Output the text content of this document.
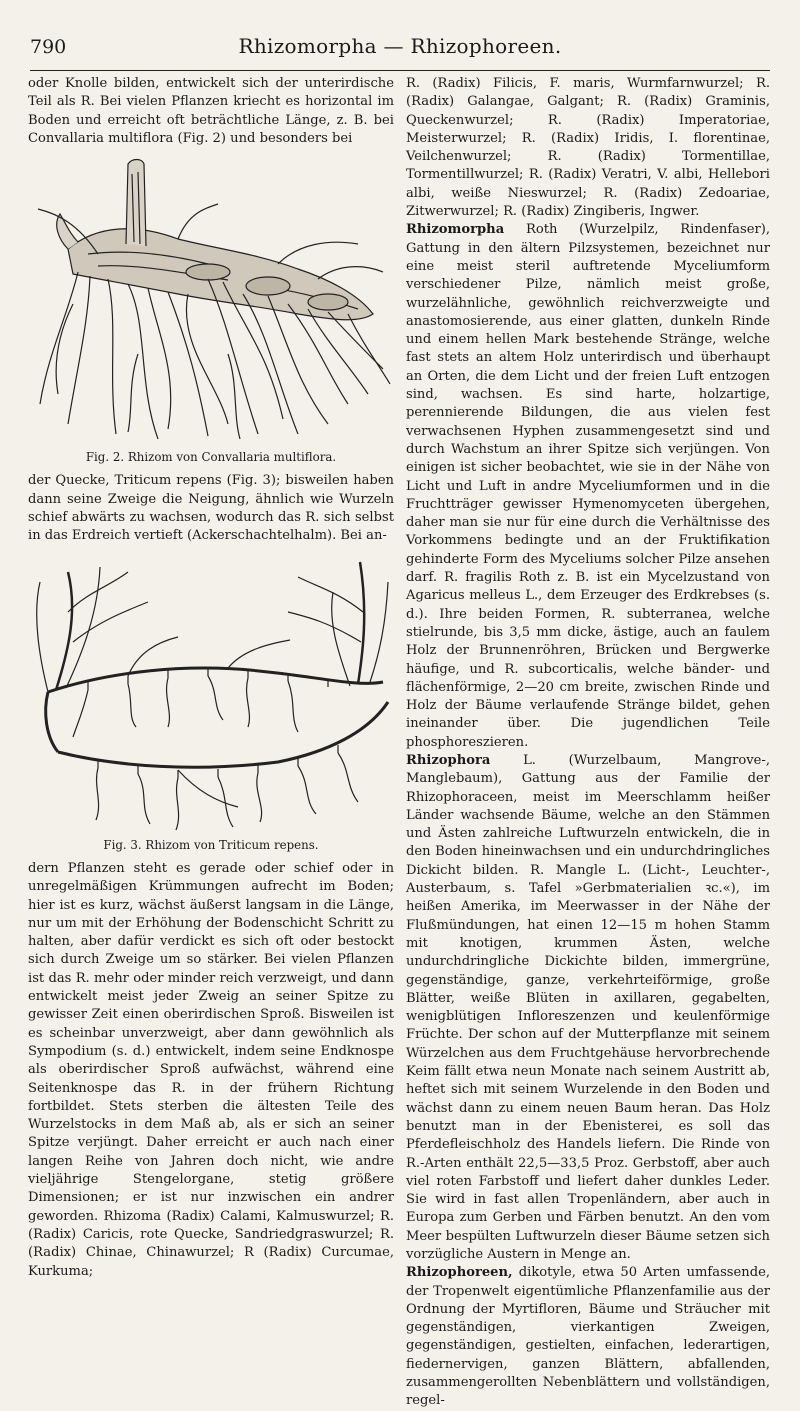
790	Rhizomorpha — Rhizophoreen.

oder Knolle bilden, entwickelt sich der unterirdische Teil als R. Bei vielen Pflanzen kriecht es horizontal im Boden und erreicht oft beträchtliche Länge, z. B. bei Convallaria multiflora (Fig. 2) und besonders bei

Fig. 2. Rhizom von Convallaria multiflora.

der Quecke, Triticum repens (Fig. 3); bisweilen haben dann seine Zweige die Neigung, ähnlich wie Wurzeln schief abwärts zu wachsen, wodurch das R. sich selbst in das Erdreich vertieft (Ackerschachtelhalm). Bei an-

Fig. 3. Rhizom von Triticum repens.

dern Pflanzen steht es gerade oder schief oder in unregelmäßigen Krümmungen aufrecht im Boden; hier ist es kurz, wächst äußerst langsam in die Länge, nur um mit der Erhöhung der Bodenschicht Schritt zu halten, aber dafür verdickt es sich oft oder bestockt sich durch Zweige um so stärker. Bei vielen Pflanzen ist das R. mehr oder minder reich verzweigt, und dann entwickelt meist jeder Zweig an seiner Spitze zu gewisser Zeit einen oberirdischen Sproß. Bisweilen ist es scheinbar unverzweigt, aber dann gewöhnlich als Sympodium (s. d.) entwickelt, indem seine Endknospe als oberirdischer Sproß aufwächst, während eine Seitenknospe das R. in der frühern Richtung fortbildet. Stets sterben die ältesten Teile des Wurzelstocks in dem Maß ab, als er sich an seiner Spitze verjüngt. Daher erreicht er auch nach einer langen Reihe von Jahren doch nicht, wie andre vieljährige Stengelorgane, stetig größere Dimensionen; er ist nur inzwischen ein andrer geworden. Rhizoma (Radix) Calami, Kalmuswurzel; R. (Radix) Caricis, rote Quecke, Sandriedgraswurzel; R. (Radix) Chinae, Chinawurzel; R (Radix) Curcumae, Kurkuma;

R. (Radix) Filicis, F. maris, Wurmfarnwurzel; R. (Radix) Galangae, Galgant; R. (Radix) Graminis, Queckenwurzel; R. (Radix) Imperatoriae, Meisterwurzel; R. (Radix) Iridis, I. florentinae, Veilchenwurzel; R. (Radix) Tormentillae, Tormentillwurzel; R. (Radix) Veratri, V. albi, Hellebori albi, weiße Nieswurzel; R. (Radix) Zedoariae, Zitwerwurzel; R. (Radix) Zingiberis, Ingwer.

Rhizomorpha Roth (Wurzelpilz, Rindenfaser), Gattung in den ältern Pilzsystemen, bezeichnet nur eine meist steril auftretende Myceliumform verschiedener Pilze, nämlich meist große, wurzelähnliche, gewöhnlich reichverzweigte und anastomosierende, aus einer glatten, dunkeln Rinde und einem hellen Mark bestehende Stränge, welche fast stets an altem Holz unterirdisch und überhaupt an Orten, die dem Licht und der freien Luft entzogen sind, wachsen. Es sind harte, holzartige, perennierende Bildungen, die aus vielen fest verwachsenen Hyphen zusammengesetzt sind und durch Wachstum an ihrer Spitze sich verjüngen. Von einigen ist sicher beobachtet, wie sie in der Nähe von Licht und Luft in andre Myceliumformen und in die Fruchtträger gewisser Hymenomyceten übergehen, daher man sie nur für eine durch die Verhältnisse des Vorkommens bedingte und an der Fruktifikation gehinderte Form des Myceliums solcher Pilze ansehen darf. R. fragilis Roth z. B. ist ein Mycelzustand von Agaricus melleus L., dem Erzeuger des Erdkrebses (s. d.). Ihre beiden Formen, R. subterranea, welche stielrunde, bis 3,5 mm dicke, ästige, auch an faulem Holz der Brunnenröhren, Brücken und Bergwerke häufige, und R. subcorticalis, welche bänder- und flächenförmige, 2—20 cm breite, zwischen Rinde und Holz der Bäume verlaufende Stränge bildet, gehen ineinander über. Die jugendlichen Teile phosphoreszieren.

Rhizophora L. (Wurzelbaum, Mangrove-, Manglebaum), Gattung aus der Familie der Rhizophoraceen, meist im Meerschlamm heißer Länder wachsende Bäume, welche an den Stämmen und Ästen zahlreiche Luftwurzeln entwickeln, die in den Boden hineinwachsen und ein undurchdringliches Dickicht bilden. R. Mangle L. (Licht-, Leuchter-, Austerbaum, s. Tafel »Gerbmaterialien ꝛc.«), im heißen Amerika, im Meerwasser in der Nähe der Flußmündungen, hat einen 12—15 m hohen Stamm mit knotigen, krummen Ästen, welche undurchdringliche Dickichte bilden, immergrüne, gegenständige, ganze, verkehrteiförmige, große Blätter, weiße Blüten in axillaren, gegabelten, wenigblütigen Infloreszenzen und keulenförmige Früchte. Der schon auf der Mutterpflanze mit seinem Würzelchen aus dem Fruchtgehäuse hervorbrechende Keim fällt etwa neun Monate nach seinem Austritt ab, heftet sich mit seinem Wurzelende in den Boden und wächst dann zu einem neuen Baum heran. Das Holz benutzt man in der Ebenisterei, es soll das Pferdefleischholz des Handels liefern. Die Rinde von R.-Arten enthält 22,5—33,5 Proz. Gerbstoff, aber auch viel roten Farbstoff und liefert daher dunkles Leder. Sie wird in fast allen Tropenländern, aber auch in Europa zum Gerben und Färben benutzt. An den vom Meer bespülten Luftwurzeln dieser Bäume setzen sich vorzügliche Austern in Menge an.

Rhizophoreen, dikotyle, etwa 50 Arten umfassende, der Tropenwelt eigentümliche Pflanzenfamilie aus der Ordnung der Myrtifloren, Bäume und Sträucher mit gegenständigen, vierkantigen Zweigen, gegenständigen, gestielten, einfachen, lederartigen, fiedernervigen, ganzen Blättern, abfallenden, zusammengerollten Nebenblättern und vollständigen, regel-
